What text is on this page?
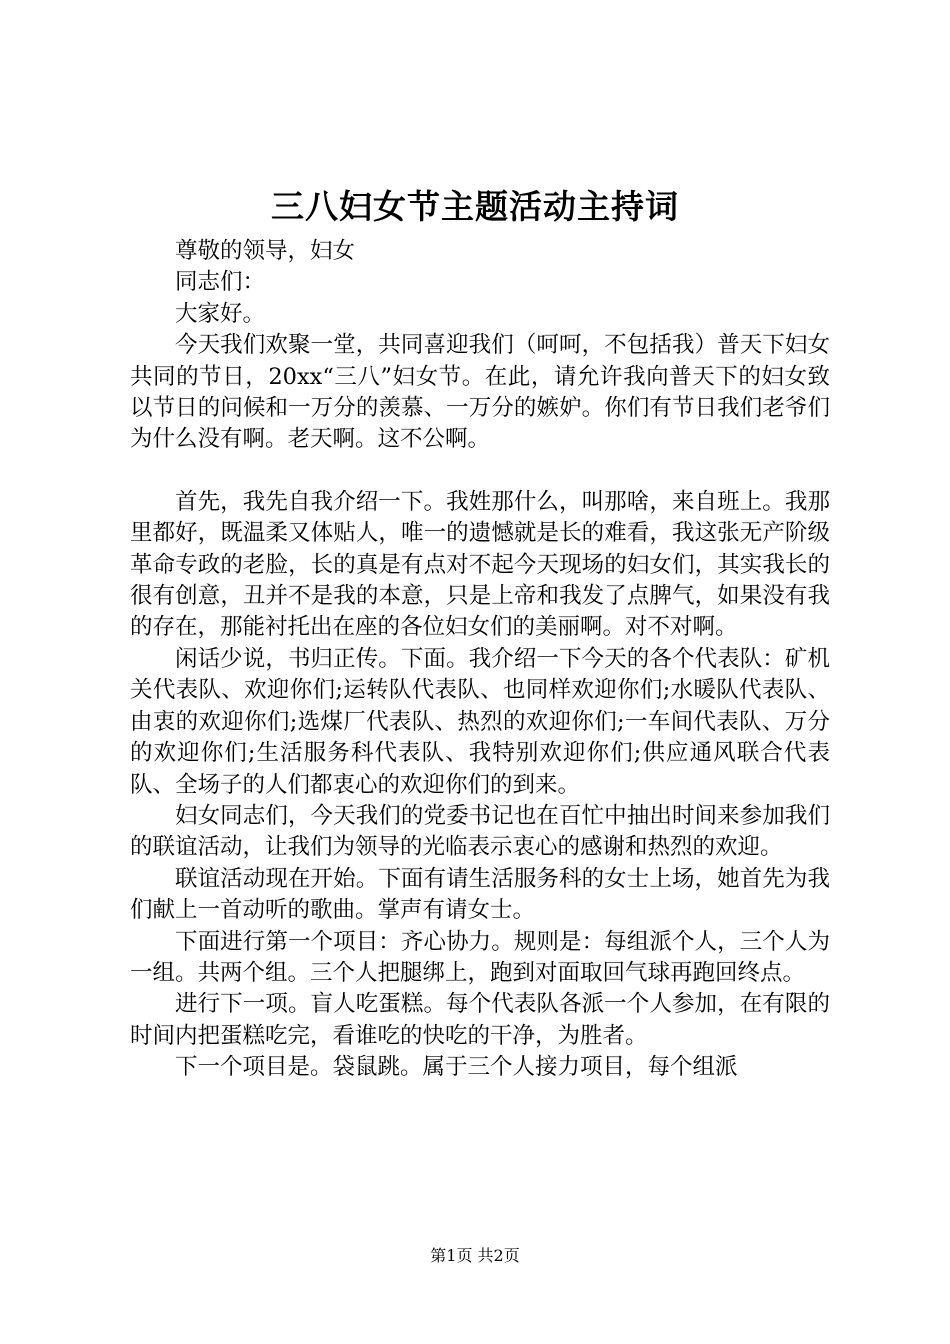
三八妇女节主题活动主持词

尊敬的领导，妇女

同志们：

大家好。

今天我们欢聚一堂，共同喜迎我们（呵呵，不包括我）普天下妇女共同的节日，20xx“三八”妇女节。在此，请允许我向普天下的妇女致以节日的问候和一万分的羡慕、一万分的嫉妒。你们有节日我们老爷们为什么没有啊。老天啊。这不公啊。

首先，我先自我介绍一下。我姓那什么，叫那啥，来自班上。我那里都好，既温柔又体贴人，唯一的遗憾就是长的难看，我这张无产阶级革命专政的老脸，长的真是有点对不起今天现场的妇女们，其实我长的很有创意，丑并不是我的本意，只是上帝和我发了点脾气，如果没有我的存在，那能衬托出在座的各位妇女们的美丽啊。对不对啊。

闲话少说，书归正传。下面。我介绍一下今天的各个代表队：矿机关代表队、欢迎你们;运转队代表队、也同样欢迎你们;水暖队代表队、由衷的欢迎你们;选煤厂代表队、热烈的欢迎你们;一车间代表队、万分的欢迎你们;生活服务科代表队、我特别欢迎你们;供应通风联合代表队、全场子的人们都衷心的欢迎你们的到来。

妇女同志们，今天我们的党委书记也在百忙中抽出时间来参加我们的联谊活动，让我们为领导的光临表示衷心的感谢和热烈的欢迎。

联谊活动现在开始。下面有请生活服务科的女士上场，她首先为我们献上一首动听的歌曲。掌声有请女士。

下面进行第一个项目：齐心协力。规则是：每组派个人，三个人为一组。共两个组。三个人把腿绑上，跑到对面取回气球再跑回终点。

进行下一项。盲人吃蛋糕。每个代表队各派一个人参加，在有限的时间内把蛋糕吃完，看谁吃的快吃的干净，为胜者。

下一个项目是。袋鼠跳。属于三个人接力项目，每个组派

第1页 共2页
